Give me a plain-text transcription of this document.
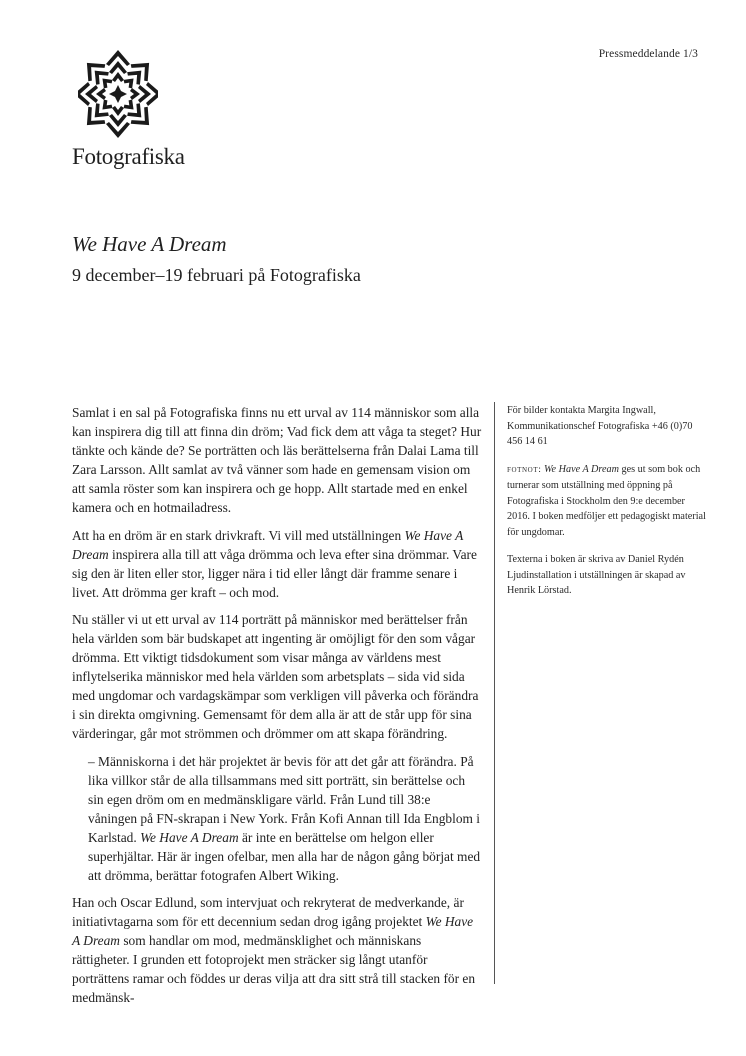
Pressmeddelande 1/3
Fotografiska
We Have A Dream
9 december–19 februari på Fotografiska

Samlat i en sal på Fotografiska finns nu ett urval av 114 människor som alla kan inspirera dig till att finna din dröm; Vad fick dem att våga ta steget? Hur tänkte och kände de? Se porträtten och läs berättelserna från Dalai Lama till Zara Larsson. Allt samlat av två vänner som hade en gemensam vision om att samla röster som kan inspirera och ge hopp. Allt startade med en enkel kamera och en hotmailadress.

Att ha en dröm är en stark drivkraft. Vi vill med utställningen We Have A Dream inspirera alla till att våga drömma och leva efter sina drömmar. Vare sig den är liten eller stor, ligger nära i tid eller långt där framme senare i livet. Att drömma ger kraft – och mod.

Nu ställer vi ut ett urval av 114 porträtt på människor med berättelser från hela världen som bär budskapet att ingenting är omöjligt för den som vågar drömma. Ett viktigt tidsdokument som visar många av världens mest inflytelserika människor med hela världen som arbetsplats – sida vid sida med ungdomar och vardagskämpar som verkligen vill påverka och förändra i sin direkta omgivning. Gemensamt för dem alla är att de står upp för sina värderingar, går mot strömmen och drömmer om att skapa förändring.

– Människorna i det här projektet är bevis för att det går att förändra. På lika villkor står de alla tillsammans med sitt porträtt, sin berättelse och sin egen dröm om en medmänskligare värld. Från Lund till 38:e våningen på FN-skrapan i New York. Från Kofi Annan till Ida Engblom i Karlstad. We Have A Dream är inte en berättelse om helgon eller superhjältar. Här är ingen ofelbar, men alla har de någon gång börjat med att drömma, berättar fotografen Albert Wiking.

Han och Oscar Edlund, som intervjuat och rekryterat de medverkande, är initiativtagarna som för ett decennium sedan drog igång projektet We Have A Dream som handlar om mod, medmänsklighet och människans rättigheter. I grunden ett fotoprojekt men sträcker sig långt utanför porträttens ramar och föddes ur deras vilja att dra sitt strå till stacken för en medmänsk-

För bilder kontakta Margita Ingwall, Kommunikationschef Fotografiska +46 (0)70 456 14 61

fotnot: We Have A Dream ges ut som bok och turnerar som utställning med öppning på Fotografiska i Stockholm den 9:e december 2016. I boken medföljer ett pedagogiskt material för ungdomar.

Texterna i boken är skriva av Daniel Rydén Ljudinstallation i utställningen är skapad av Henrik Lörstad.
